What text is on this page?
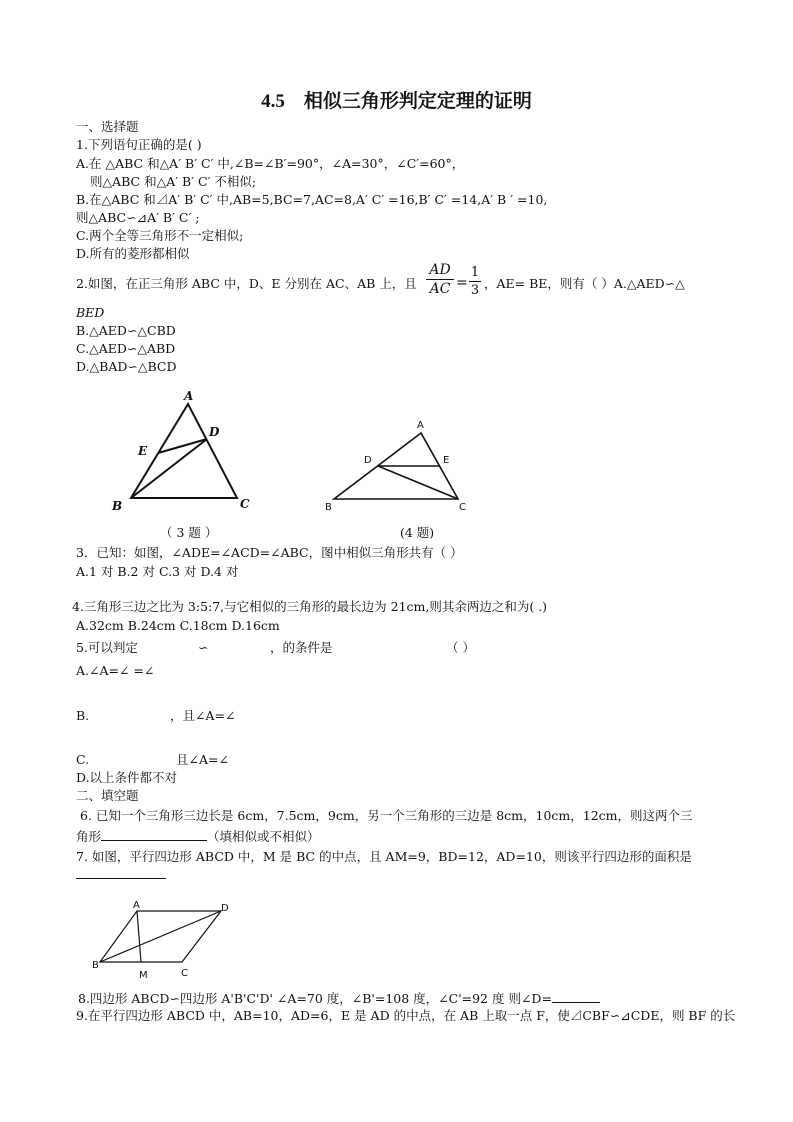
4.5 相似三角形判定定理的证明
一、选择题
1.下列语句正确的是( )
A.在 △ABC 和△A′ B′ C′ 中,∠B=∠B′=90°，∠A=30°，∠C′=60°，
则△ABC 和△A′ B′ C′ 不相似;
B.在△ABC 和⊿A′ B′ C′ 中,AB=5,BC=7,AC=8,A′ C′ =16,B′ C′ =14,A′ B ′ =10,
则△ABC∽⊿A′ B′ C′ ;
C.两个全等三角形不一定相似;
D.所有的菱形都相似
2.如图，在正三角形 ABC 中，D、E 分别在 AC、AB 上，且
AD
AC =
1
3 ，AE= BE，则有（ ）A.△AED∽△
BED
B.△AED∽△CBD
C.△AED∽△ABD
D.△BAD∽△BCD
A
B	C
D
E
A
B	C
D	E
A	D
B
M	C
（ 3 题 ）	(4 题)
3．已知：如图，∠ADE=∠ACD=∠ABC，图中相似三角形共有（ ）
A.1 对 B.2 对 C.3 对 D.4 对
4.三角形三边之比为 3:5:7,与它相似的三角形的最长边为 21cm,则其余两边之和为( .)
A.32cm B.24cm C.18cm D.16cm
5.可以判定	∽	，的条件是	（ ）
A.∠A=∠ =∠
B.	，且∠A=∠
C.	且∠A=∠
D.以上条件都不对
二、填空题
6. 已知一个三角形三边长是 6cm，7.5cm，9cm，另一个三角形的三边是 8cm，10cm，12cm，则这两个三
角形	（填相似或不相似）
7. 如图，平行四边形 ABCD 中，M 是 BC 的中点，且 AM=9，BD=12，AD=10，则该平行四边形的面积是
8.四边形 ABCD∽四边形 A'B'C'D' ∠A=70 度，∠B'=108 度，∠C'=92 度 则∠D=
9.在平行四边形 ABCD 中，AB=10，AD=6，E 是 AD 的中点，在 AB 上取一点 F，使⊿CBF∽⊿CDE，则 BF 的长
